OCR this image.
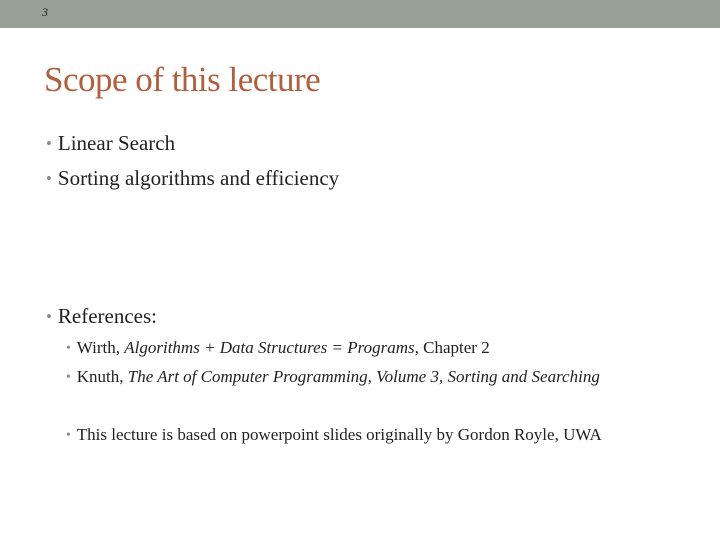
3
Scope of this lecture
• Linear Search
• Sorting algorithms and efficiency
• References:
• Wirth, Algorithms + Data Structures = Programs, Chapter 2
• Knuth, The Art of Computer Programming, Volume 3, Sorting and Searching
• This lecture is based on powerpoint slides originally by Gordon Royle, UWA
